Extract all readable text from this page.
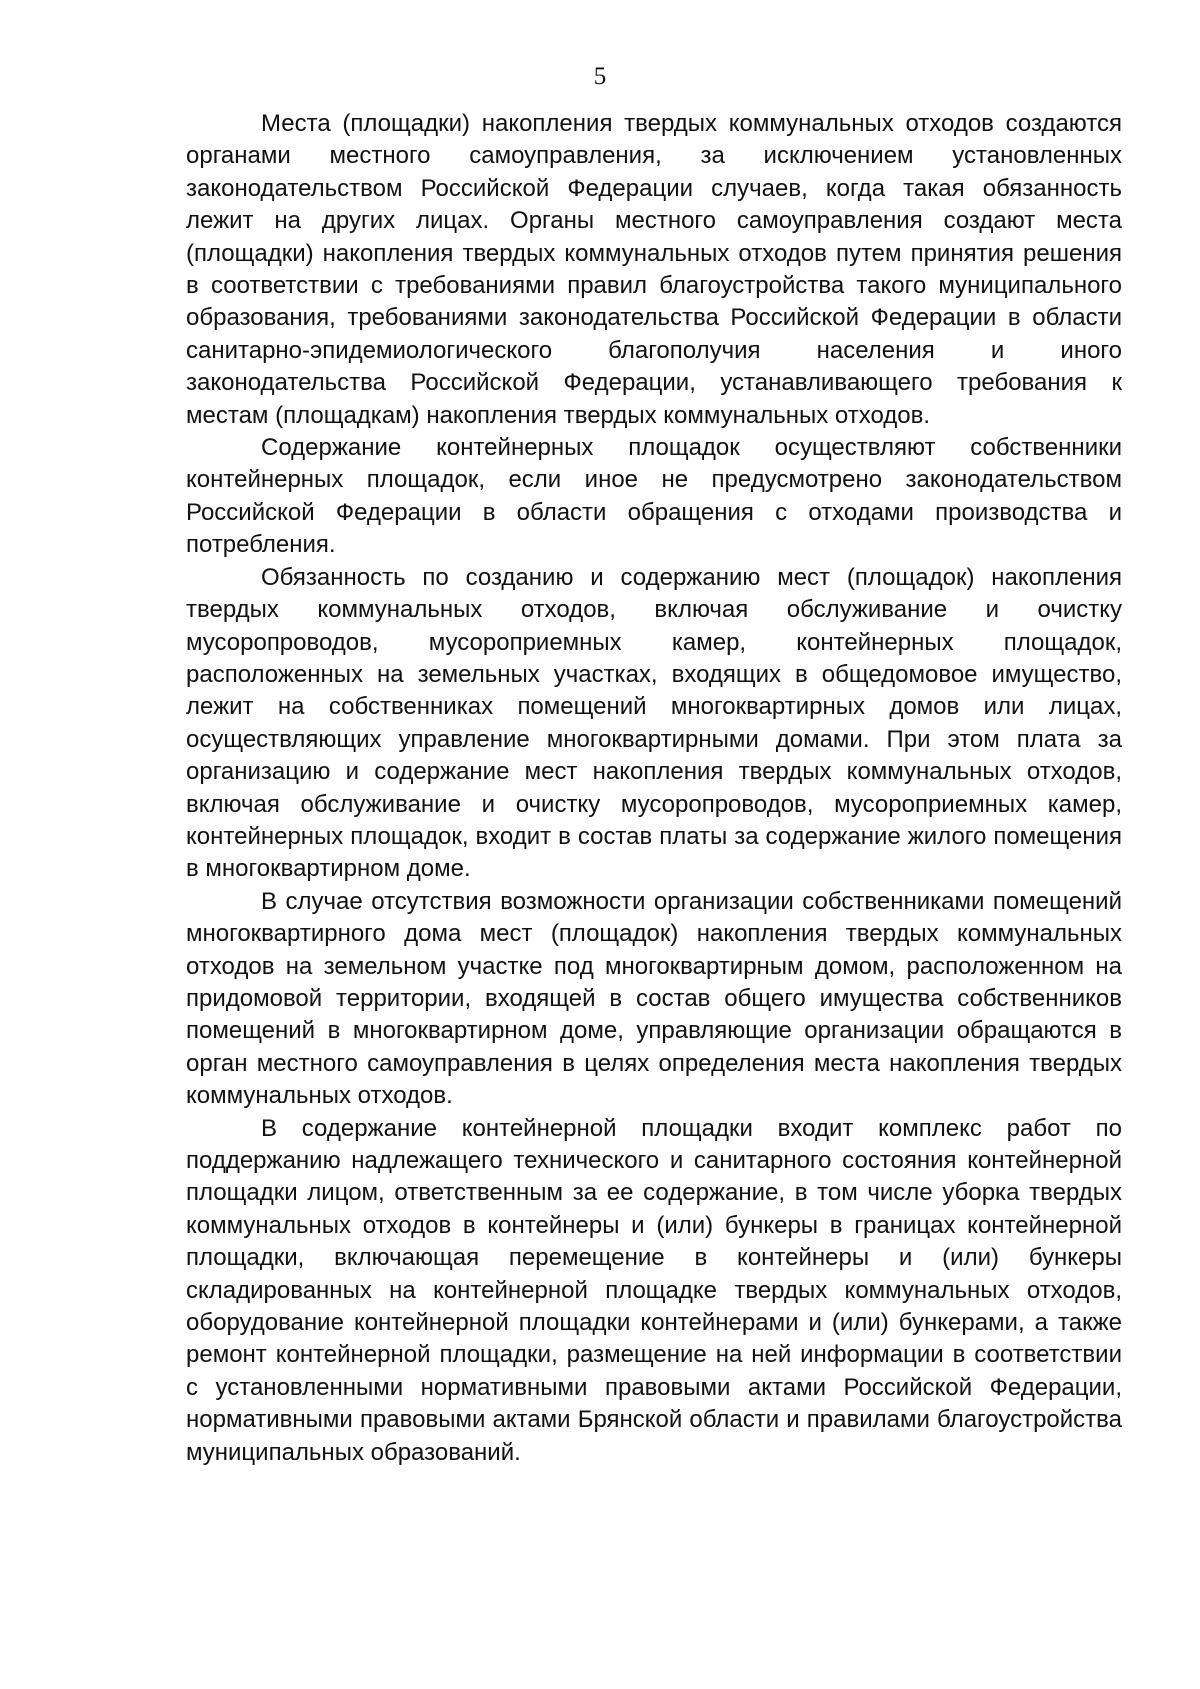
5

Места (площадки) накопления твердых коммунальных отходов создаются органами местного самоуправления, за исключением установленных законодательством Российской Федерации случаев, когда такая обязанность лежит на других лицах. Органы местного самоуправления создают места (площадки) накопления твердых коммунальных отходов путем принятия решения в соответствии с требованиями правил благоустройства такого муниципального образования, требованиями законодательства Российской Федерации в области санитарно-эпидемиологического благополучия населения и иного законодательства Российской Федерации, устанавливающего требования к местам (площадкам) накопления твердых коммунальных отходов.

Содержание контейнерных площадок осуществляют собственники контейнерных площадок, если иное не предусмотрено законодательством Российской Федерации в области обращения с отходами производства и потребления.

Обязанность по созданию и содержанию мест (площадок) накопления твердых коммунальных отходов, включая обслуживание и очистку мусоропроводов, мусороприемных камер, контейнерных площадок, расположенных на земельных участках, входящих в общедомовое имущество, лежит на собственниках помещений многоквартирных домов или лицах, осуществляющих управление многоквартирными домами. При этом плата за организацию и содержание мест накопления твердых коммунальных отходов, включая обслуживание и очистку мусоропроводов, мусороприемных камер, контейнерных площадок, входит в состав платы за содержание жилого помещения в многоквартирном доме.

В случае отсутствия возможности организации собственниками помещений многоквартирного дома мест (площадок) накопления твердых коммунальных отходов на земельном участке под многоквартирным домом, расположенном на придомовой территории, входящей в состав общего имущества собственников помещений в многоквартирном доме, управляющие организации обращаются в орган местного самоуправления в целях определения места накопления твердых коммунальных отходов.

В содержание контейнерной площадки входит комплекс работ по поддержанию надлежащего технического и санитарного состояния контейнерной площадки лицом, ответственным за ее содержание, в том числе уборка твердых коммунальных отходов в контейнеры и (или) бункеры в границах контейнерной площадки, включающая перемещение в контейнеры и (или) бункеры складированных на контейнерной площадке твердых коммунальных отходов, оборудование контейнерной площадки контейнерами и (или) бункерами, а также ремонт контейнерной площадки, размещение на ней информации в соответствии с установленными нормативными правовыми актами Российской Федерации, нормативными правовыми актами Брянской области и правилами благоустройства муниципальных образований.
